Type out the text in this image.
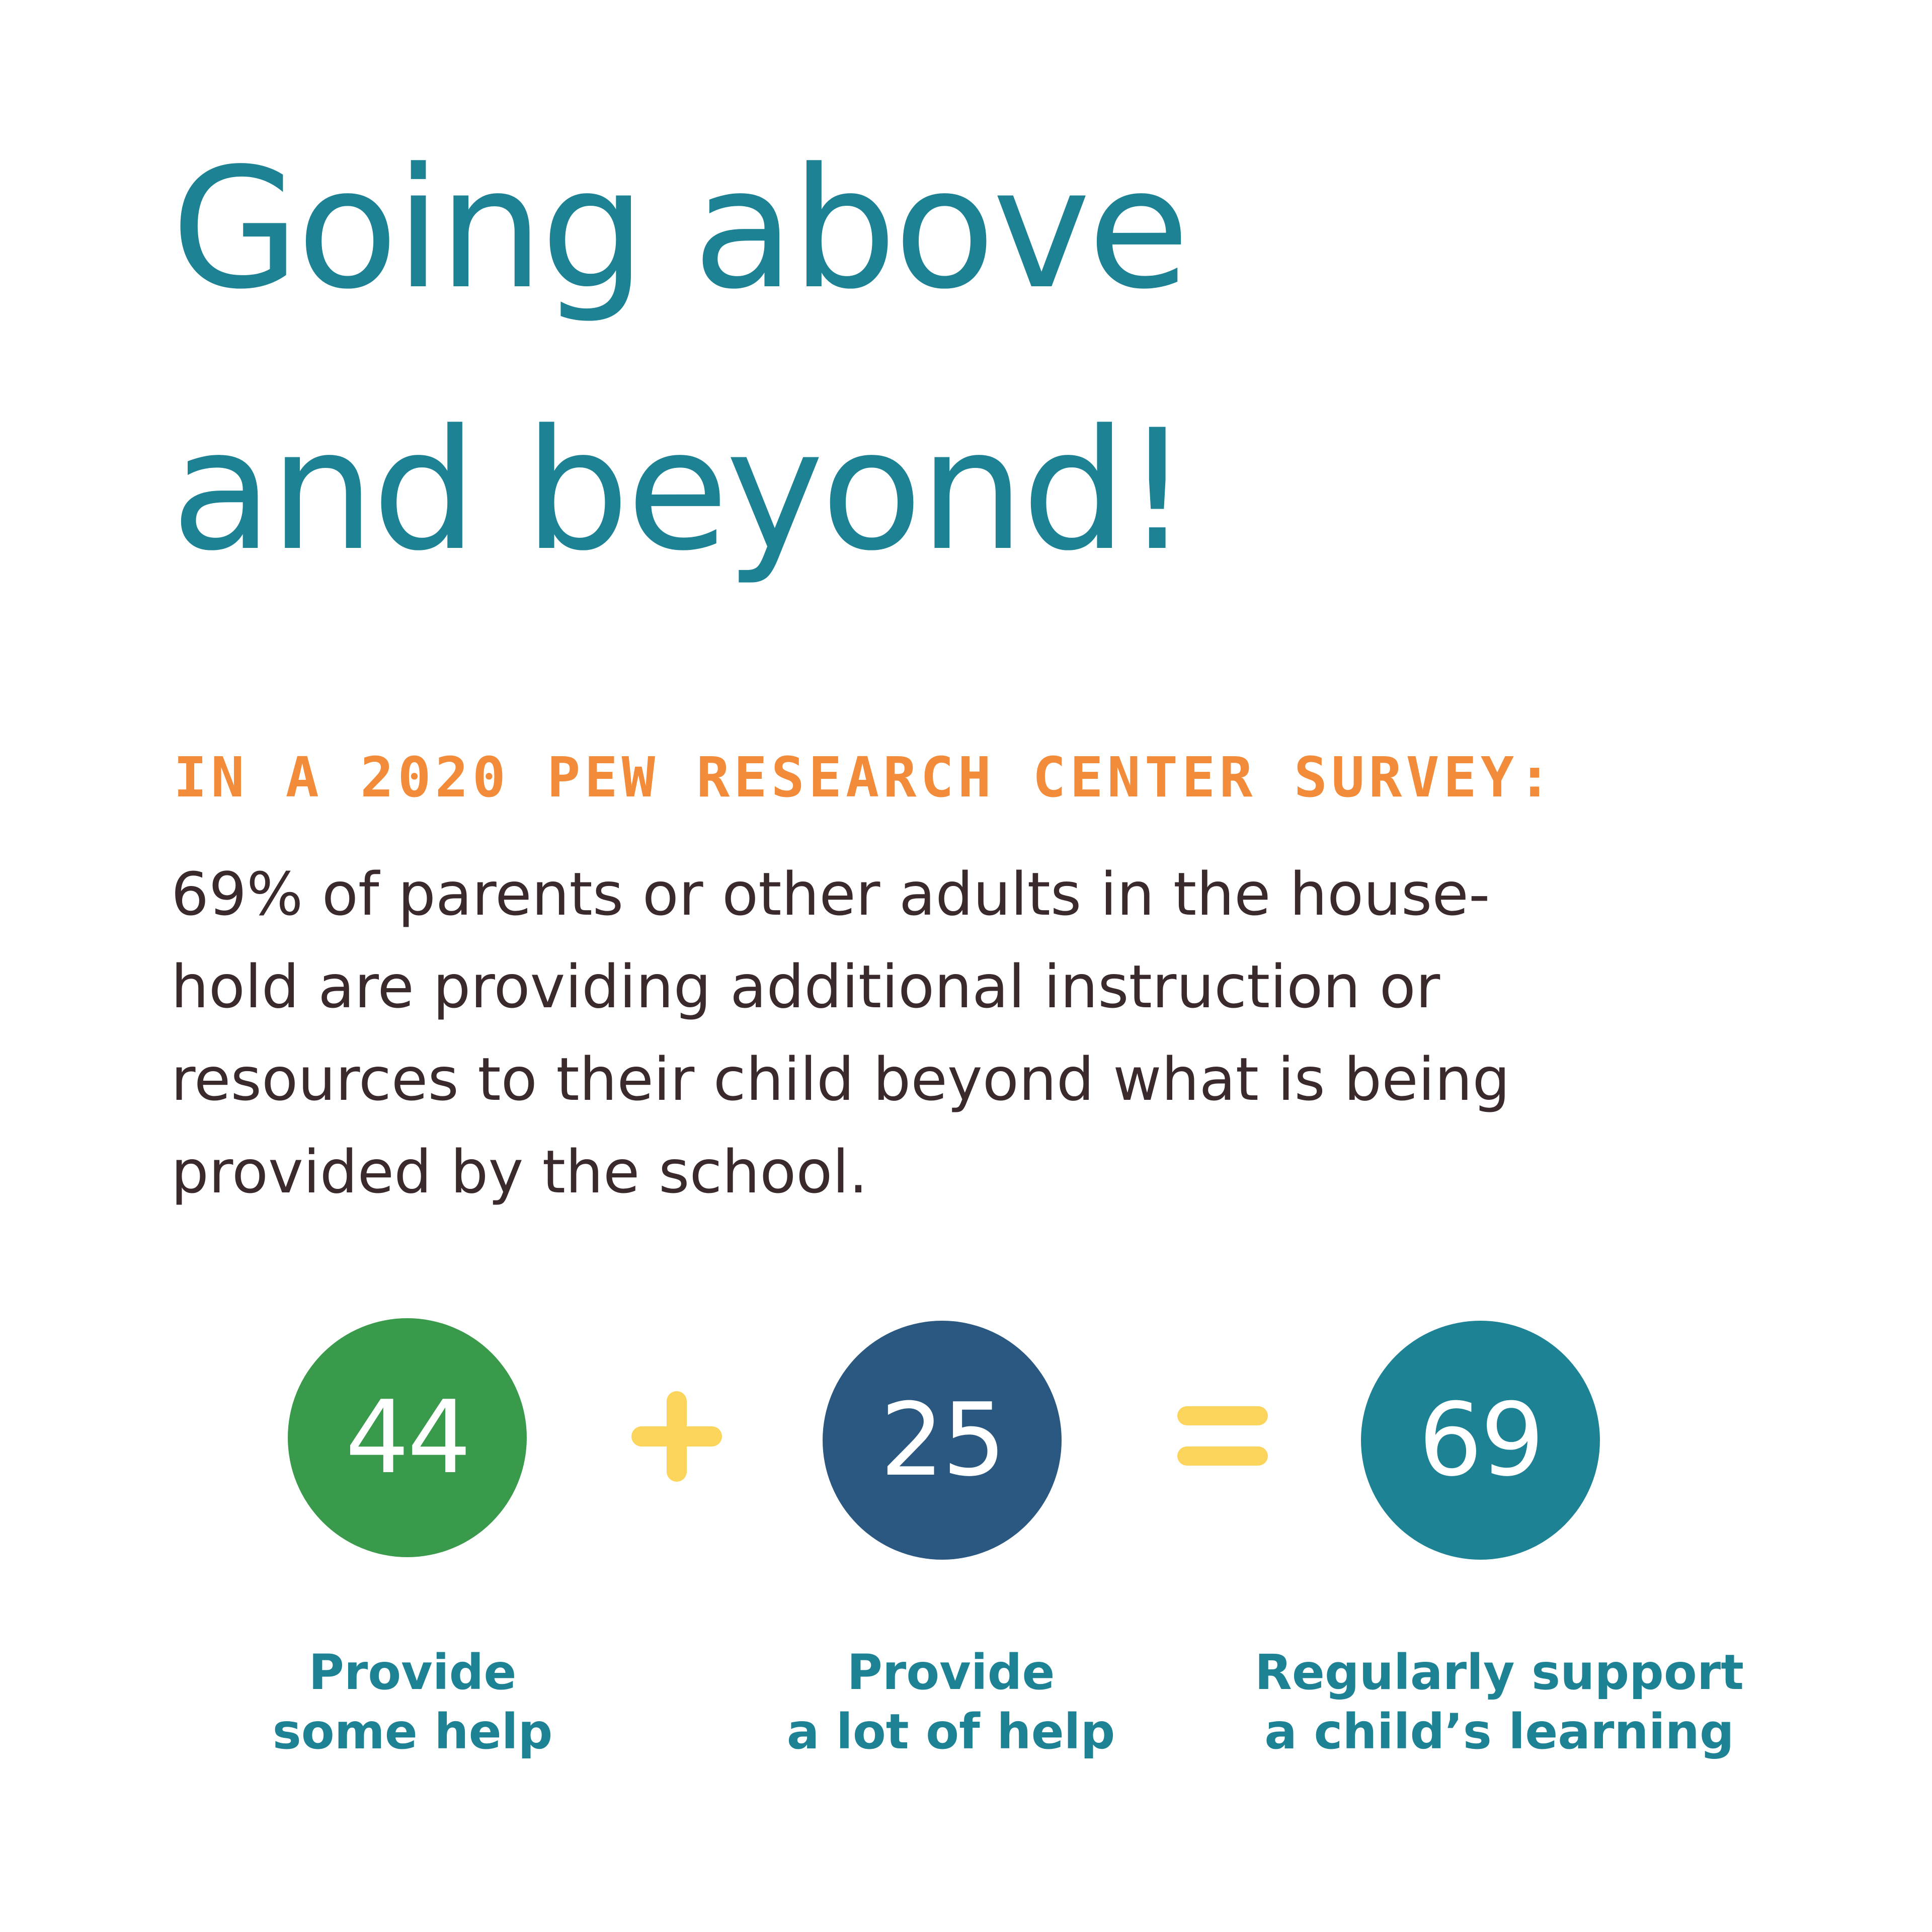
Going above
and beyond!
IN A 2020 PEW RESEARCH CENTER SURVEY:
69% of parents or other adults in the house-
hold are providing additional instruction or
resources to their child beyond what is being
provided by the school.
44	25	69
Provide
some help
Provide
a lot of help
Regularly support
a child’s learning
